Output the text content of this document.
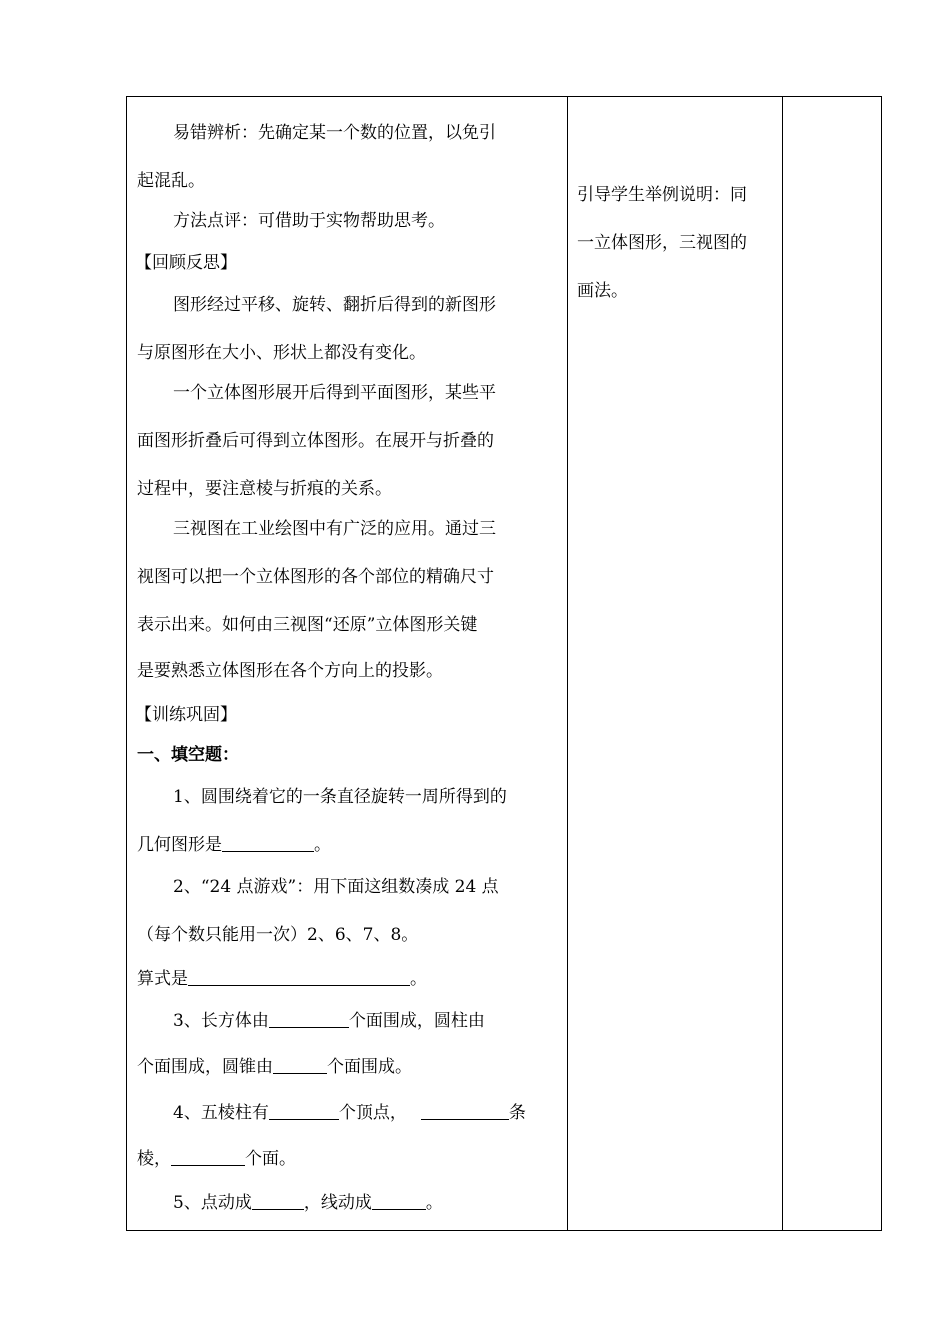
易错辨析：先确定某一个数的位置，以免引
起混乱。
方法点评：可借助于实物帮助思考。
【回顾反思】
图形经过平移、旋转、翻折后得到的新图形
与原图形在大小、形状上都没有变化。
一个立体图形展开后得到平面图形，某些平
面图形折叠后可得到立体图形。在展开与折叠的
过程中，要注意棱与折痕的关系。
三视图在工业绘图中有广泛的应用。通过三
视图可以把一个立体图形的各个部位的精确尺寸
表示出来。如何由三视图“还原”立体图形关键
是要熟悉立体图形在各个方向上的投影。
【训练巩固】
一、填空题：
1、圆围绕着它的一条直径旋转一周所得到的
几何图形是	。
2、“24 点游戏”：用下面这组数凑成 24 点
（每个数只能用一次）2、6、7、8。
算式是	。
3、长方体由	个面围成，圆柱由
个面围成，圆锥由	个面围成。
4、五棱柱有	个顶点，	条
棱，	个面。
5、点动成	，线动成	。
引导学生举例说明：同
一立体图形，三视图的
画法。
